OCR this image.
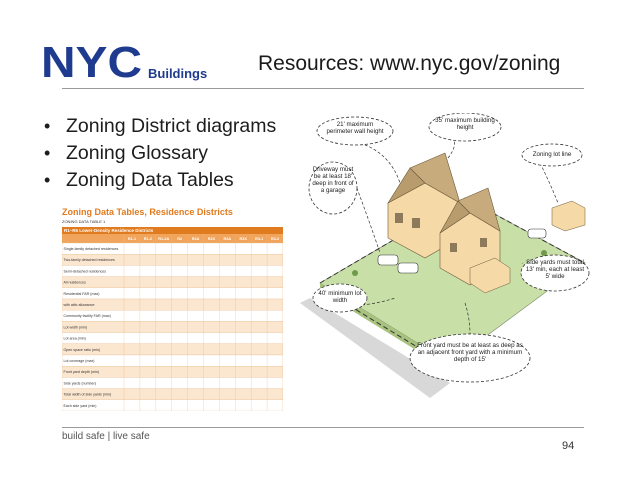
NYC Buildings Resources: www.nyc.gov/zoning
• Zoning District diagrams
• Zoning Glossary
• Zoning Data Tables
Zoning Data Tables, Residence Districts
ZONING DATA TABLE 1
R1–R5 Lower-Density Residence Districts
R1-1 R1-2 R1-2A R2	R2A R2X R3A R3X R3-1 R3-2
Single-family detached residences
Two-family detached residences
Semi-detached residences
All residences
Residential FAR (max)
with attic allowance
Community facility FAR (max)
Lot width (min)
Lot area (min)
Open space ratio (min)
Lot coverage (max)
Front yard depth (min)
Side yards (number)
Total width of side yards (min)
Each side yard (min)
21' maximum perimeter wall height
35' maximum building height
Driveway must be at least 18' deep in front of a garage
Zoning lot line
Side yards must total 13' min, each at least 5' wide
40' minimum lot width
Front yard must be at least as deep as an adjacent front yard with a minimum depth of 15'
build safe | live safe
94
